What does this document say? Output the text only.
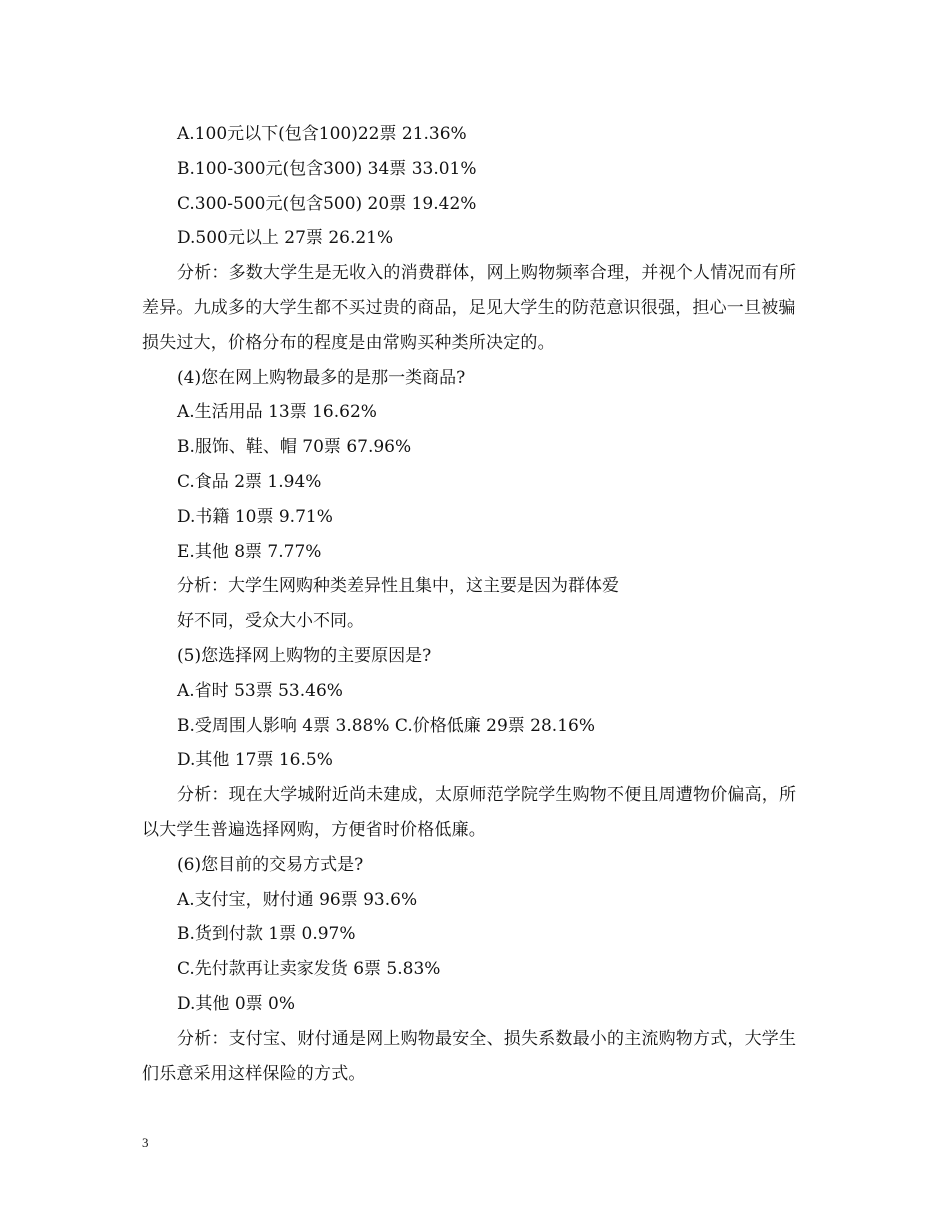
A.100元以下(包含100)22票 21.36%
B.100-300元(包含300) 34票 33.01%
C.300-500元(包含500) 20票 19.42%
D.500元以上 27票 26.21%
分析：多数大学生是无收入的消费群体，网上购物频率合理，并视个人情况而有所差异。九成多的大学生都不买过贵的商品，足见大学生的防范意识很强，担心一旦被骗损失过大，价格分布的程度是由常购买种类所决定的。
(4)您在网上购物最多的是那一类商品?
A.生活用品 13票 16.62%
B.服饰、鞋、帽 70票 67.96%
C.食品 2票 1.94%
D.书籍 10票 9.71%
E.其他 8票 7.77%
分析：大学生网购种类差异性且集中，这主要是因为群体爱
好不同，受众大小不同。
(5)您选择网上购物的主要原因是?
A.省时 53票 53.46%
B.受周围人影响 4票 3.88% C.价格低廉 29票 28.16%
D.其他 17票 16.5%
分析：现在大学城附近尚未建成，太原师范学院学生购物不便且周遭物价偏高，所以大学生普遍选择网购，方便省时价格低廉。
(6)您目前的交易方式是?
A.支付宝，财付通 96票 93.6%
B.货到付款 1票 0.97%
C.先付款再让卖家发货 6票 5.83%
D.其他 0票 0%
分析：支付宝、财付通是网上购物最安全、损失系数最小的主流购物方式，大学生们乐意采用这样保险的方式。
3
